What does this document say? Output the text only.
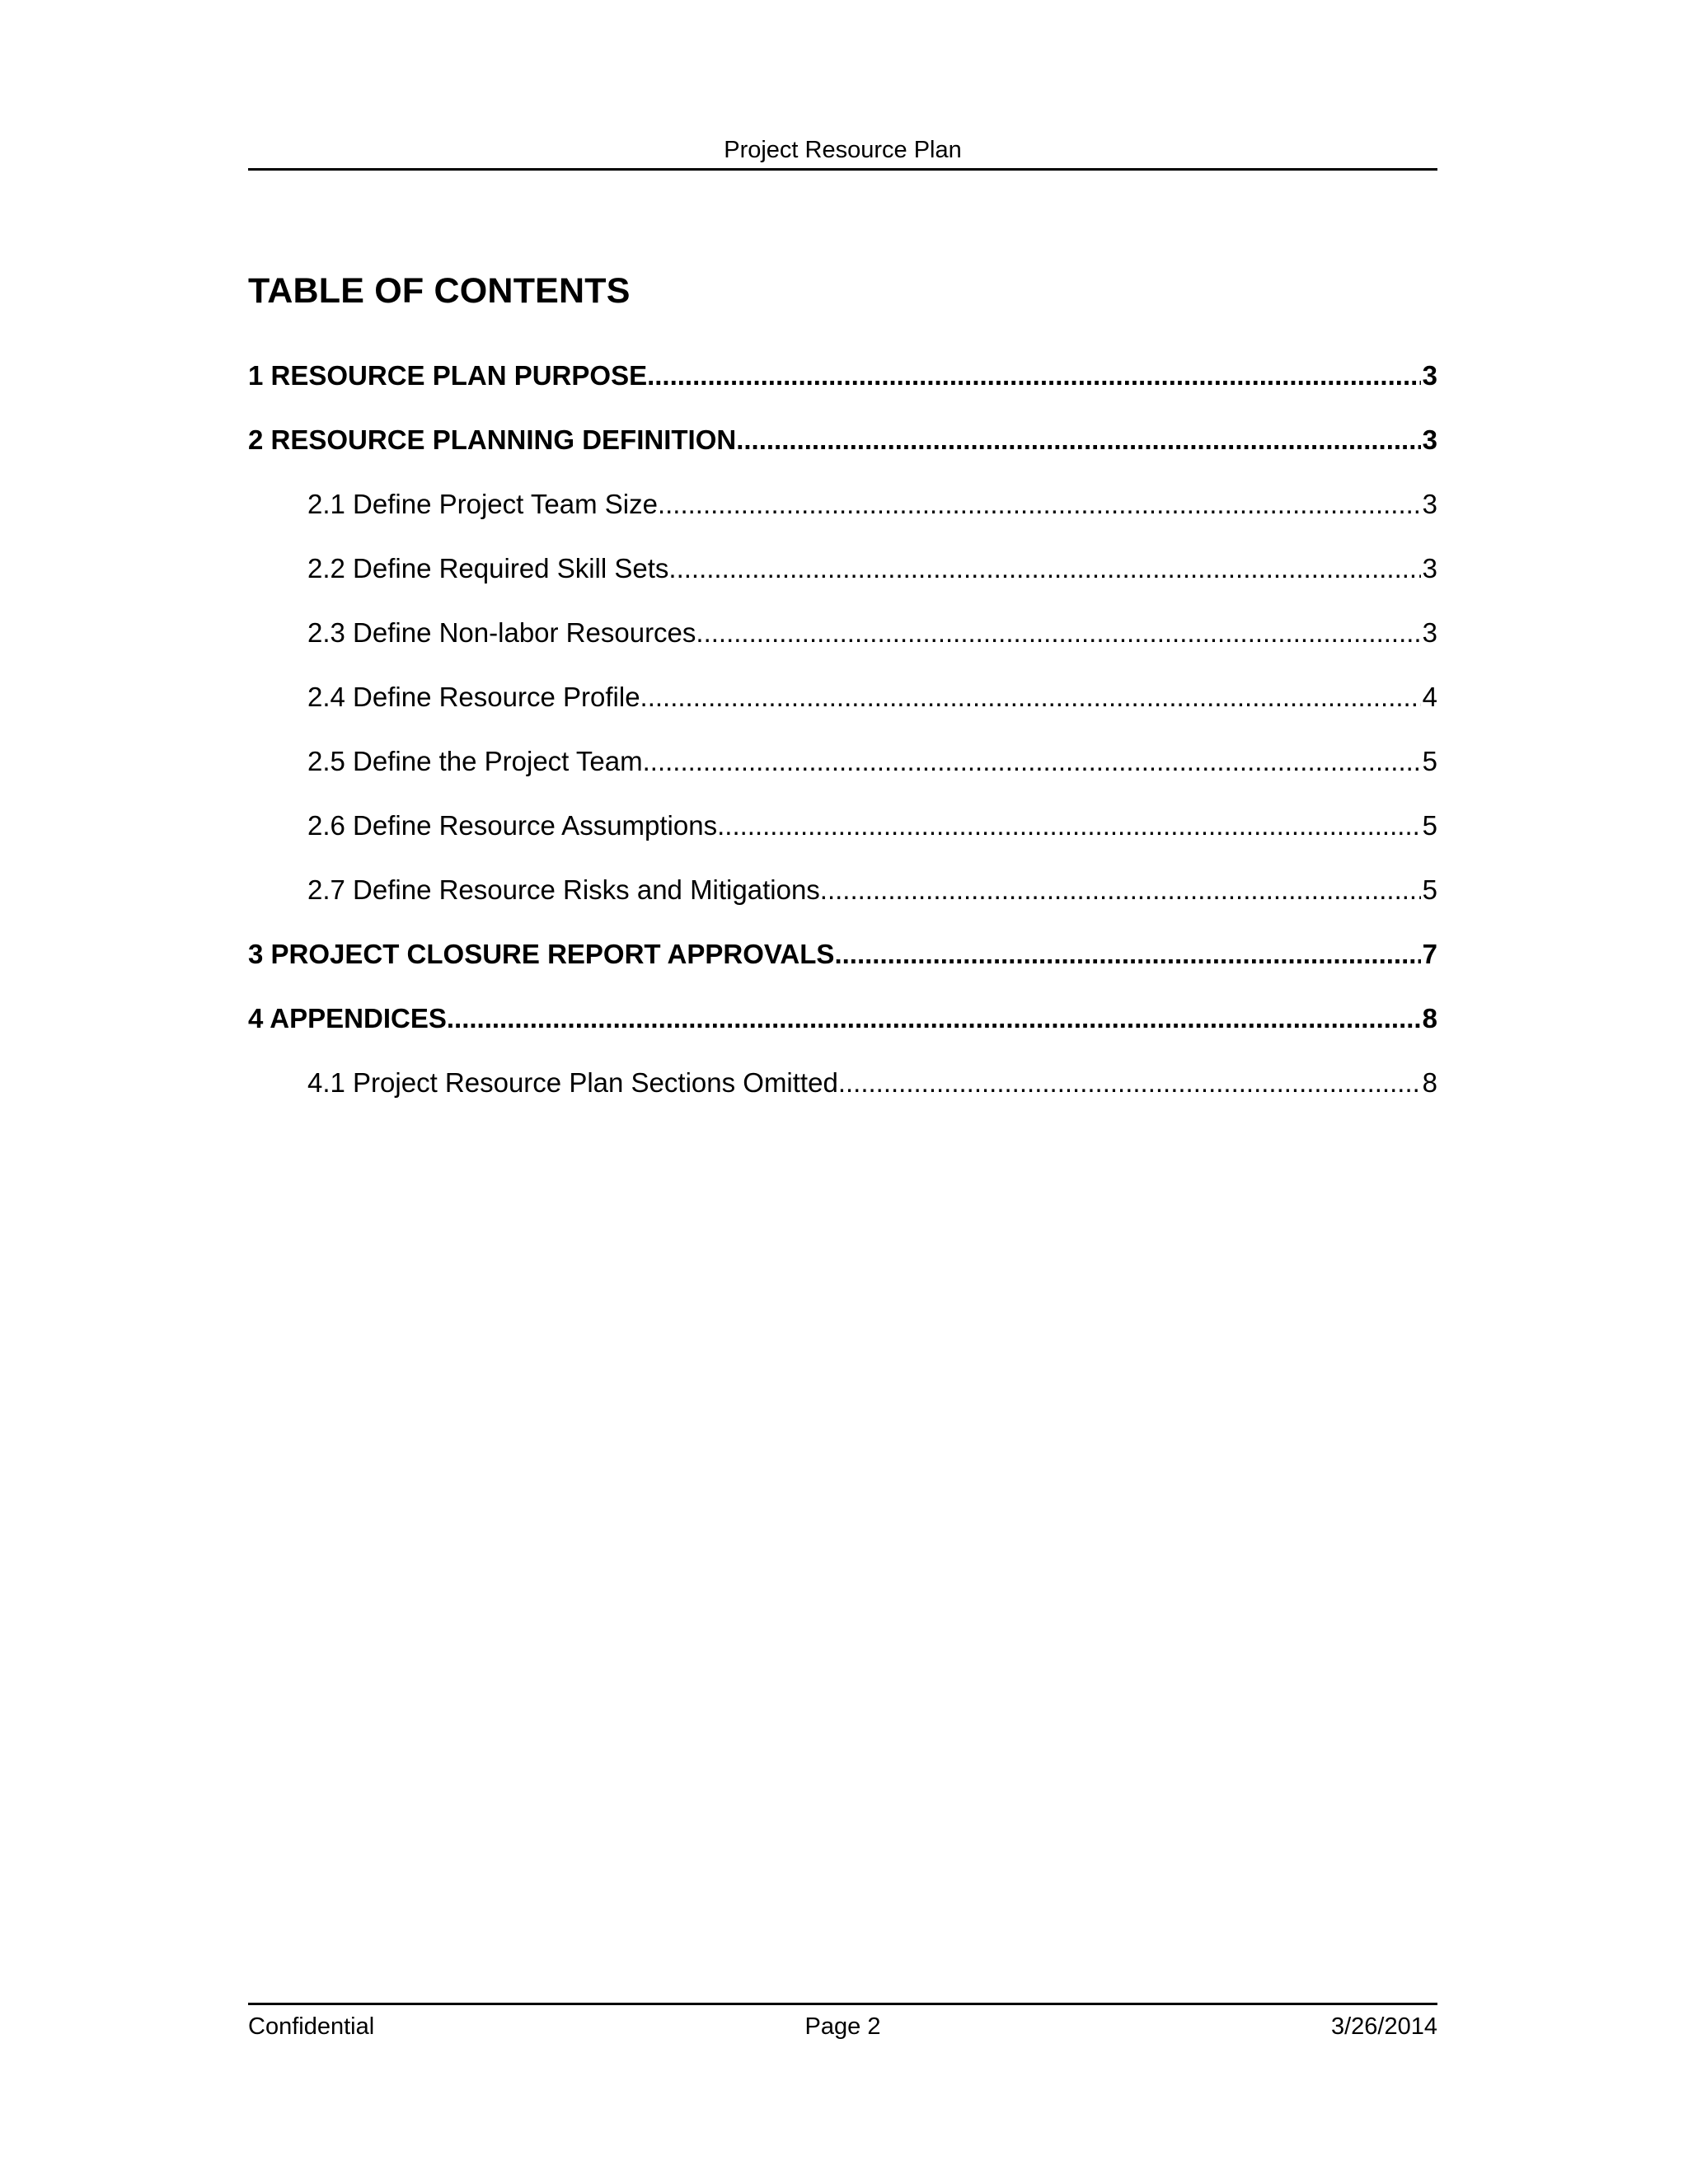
Project Resource Plan
TABLE OF CONTENTS
1 RESOURCE PLAN PURPOSE .....	3
2 RESOURCE PLANNING DEFINITION .....	3
2.1 Define Project Team Size .....	3
2.2 Define Required Skill Sets .....	3
2.3 Define Non-labor Resources .....	3
2.4 Define Resource Profile .....	4
2.5 Define the Project Team .....	5
2.6 Define Resource Assumptions .....	5
2.7 Define Resource Risks and Mitigations .....	5
3 PROJECT CLOSURE REPORT APPROVALS .....	7
4 APPENDICES .....	8
4.1 Project Resource Plan Sections Omitted .....	8
Confidential	Page 2	3/26/2014
